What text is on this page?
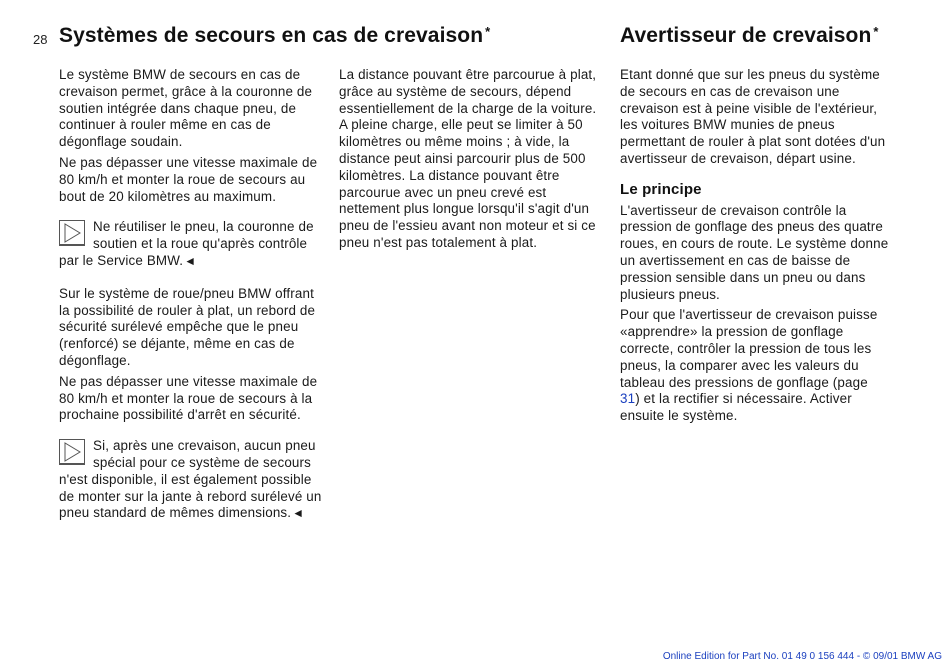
28 Systèmes de secours en cas de crevaison *	Avertisseur de crevaison *

Le système BMW de secours en cas de crevaison permet, grâce à la couronne de soutien intégrée dans chaque pneu, de continuer à rouler même en cas de dégonflage soudain.

Ne pas dépasser une vitesse maximale de 80 km/h et monter la roue de secours au bout de 20 kilomètres au maximum.

Ne réutiliser le pneu, la couronne de soutien et la roue qu'après contrôle par le Service BMW.◄

Sur le système de roue/pneu BMW offrant la possibilité de rouler à plat, un rebord de sécurité surélevé empêche que le pneu (renforcé) se déjante, même en cas de dégonflage.

Ne pas dépasser une vitesse maximale de 80 km/h et monter la roue de secours à la prochaine possibilité d'arrêt en sécurité.

Si, après une crevaison, aucun pneu spécial pour ce système de secours n'est disponible, il est également possible de monter sur la jante à rebord surélevé un pneu standard de mêmes dimensions.◄

La distance pouvant être parcourue à plat, grâce au système de secours, dépend essentiellement de la charge de la voiture. A pleine charge, elle peut se limiter à 50 kilomètres ou même moins ; à vide, la distance peut ainsi parcourir plus de 500 kilomètres. La distance pouvant être parcourue avec un pneu crevé est nettement plus longue lorsqu'il s'agit d'un pneu de l'essieu avant non moteur et si ce pneu n'est pas totalement à plat.

Etant donné que sur les pneus du système de secours en cas de crevaison une crevaison est à peine visible de l'extérieur, les voitures BMW munies de pneus permettant de rouler à plat sont dotées d'un avertisseur de crevaison, départ usine.

Le principe

L'avertisseur de crevaison contrôle la pression de gonflage des pneus des quatre roues, en cours de route. Le système donne un avertissement en cas de baisse de pression sensible dans un pneu ou dans plusieurs pneus.

Pour que l'avertisseur de crevaison puisse «apprendre» la pression de gonflage correcte, contrôler la pression de tous les pneus, la comparer avec les valeurs du tableau des pressions de gonflage (page 31) et la rectifier si nécessaire. Activer ensuite le système.

Online Edition for Part No. 01 49 0 156 444 - © 09/01 BMW AG
